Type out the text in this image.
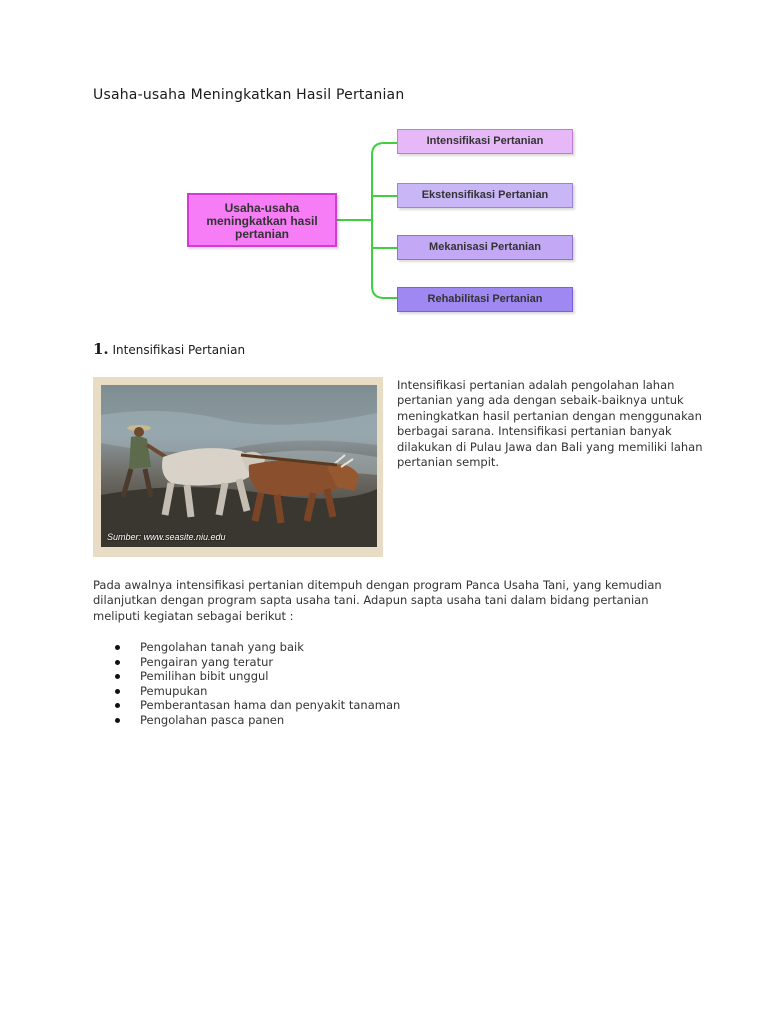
Usaha-usaha Meningkatkan Hasil Pertanian
Usaha-usaha
meningkatkan hasil
pertanian
Intensifikasi Pertanian
Ekstensifikasi Pertanian
Mekanisasi Pertanian
Rehabilitasi Pertanian
1. Intensifikasi Pertanian
Sumber: www.seasite.niu.edu

Intensifikasi pertanian adalah pengolahan lahan pertanian yang ada dengan sebaik-baiknya untuk meningkatkan hasil pertanian dengan menggunakan berbagai sarana. Intensifikasi pertanian banyak dilakukan di Pulau Jawa dan Bali yang memiliki lahan pertanian sempit.

Pada awalnya intensifikasi pertanian ditempuh dengan program Panca Usaha Tani, yang kemudian dilanjutkan dengan program sapta usaha tani. Adapun sapta usaha tani dalam bidang pertanian meliputi kegiatan sebagai berikut :

Pengolahan tanah yang baik
Pengairan yang teratur
Pemilihan bibit unggul
Pemupukan
Pemberantasan hama dan penyakit tanaman
Pengolahan pasca panen
